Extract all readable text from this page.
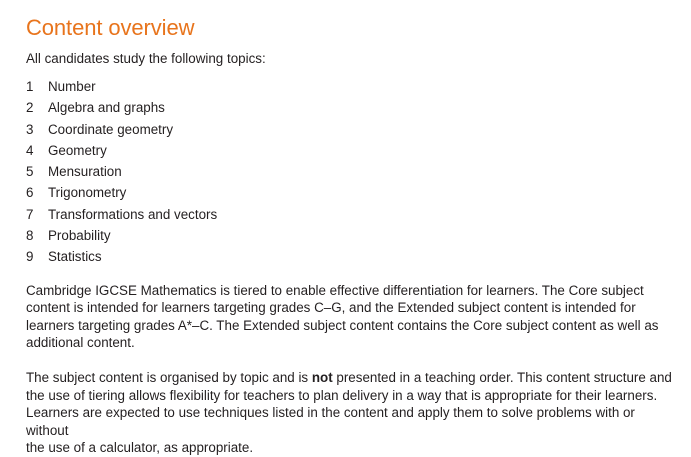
Content overview

All candidates study the following topics:

1	Number
2	Algebra and graphs
3	Coordinate geometry
4	Geometry
5	Mensuration
6	Trigonometry
7	Transformations and vectors
8	Probability
9	Statistics

Cambridge IGCSE Mathematics is tiered to enable effective differentiation for learners. The Core subject
content is intended for learners targeting grades C–G, and the Extended subject content is intended for
learners targeting grades A*–C. The Extended subject content contains the Core subject content as well as
additional content.

The subject content is organised by topic and is not presented in a teaching order. This content structure and
the use of tiering allows flexibility for teachers to plan delivery in a way that is appropriate for their learners.
Learners are expected to use techniques listed in the content and apply them to solve problems with or without
the use of a calculator, as appropriate.
